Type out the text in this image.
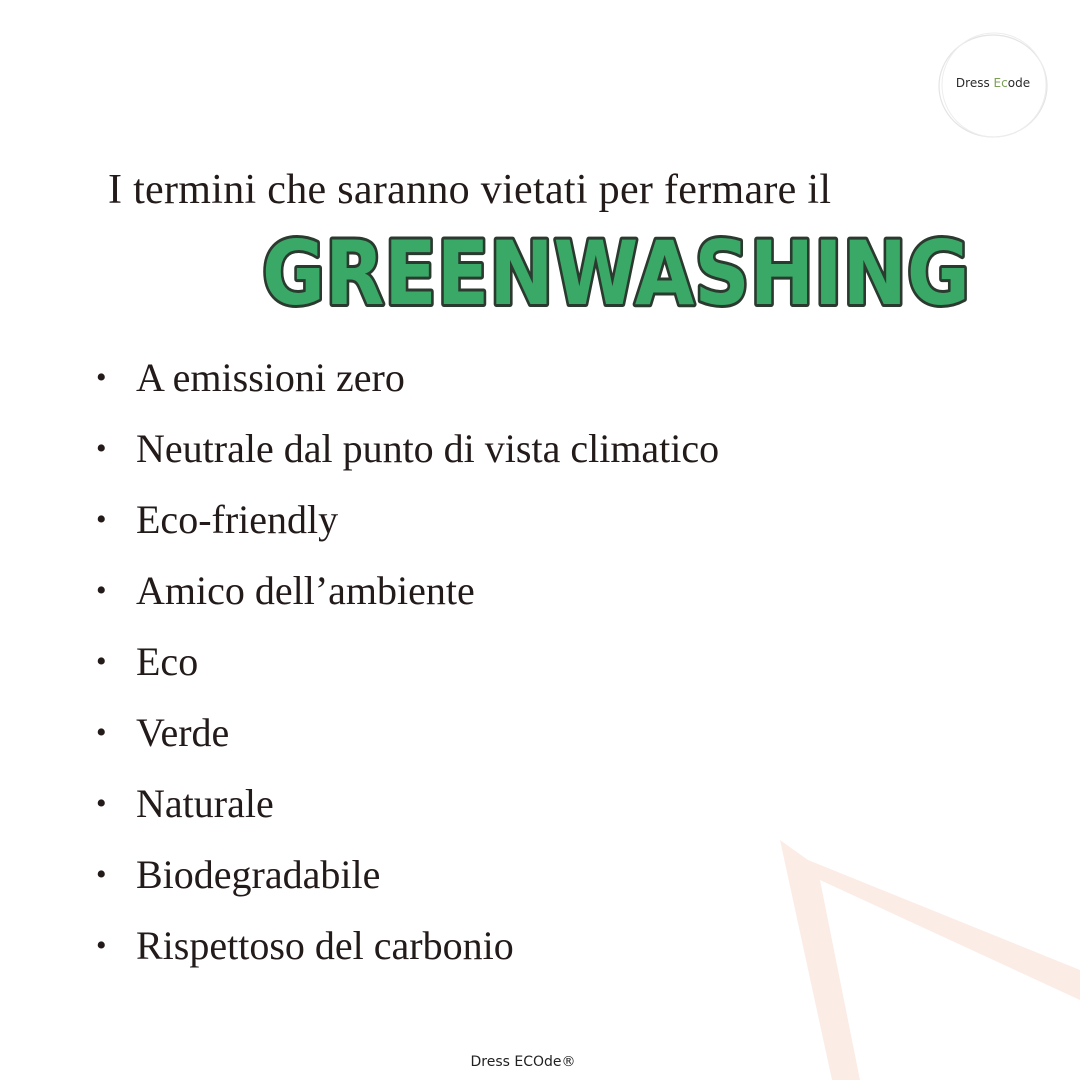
Dress Ecode
I termini che saranno vietati per fermare il
GREENWASHING
• A emissioni zero
• Neutrale dal punto di vista climatico
• Eco-friendly
• Amico dell’ambiente
• Eco
• Verde
• Naturale
• Biodegradabile
• Rispettoso del carbonio
Dress ECOde®
